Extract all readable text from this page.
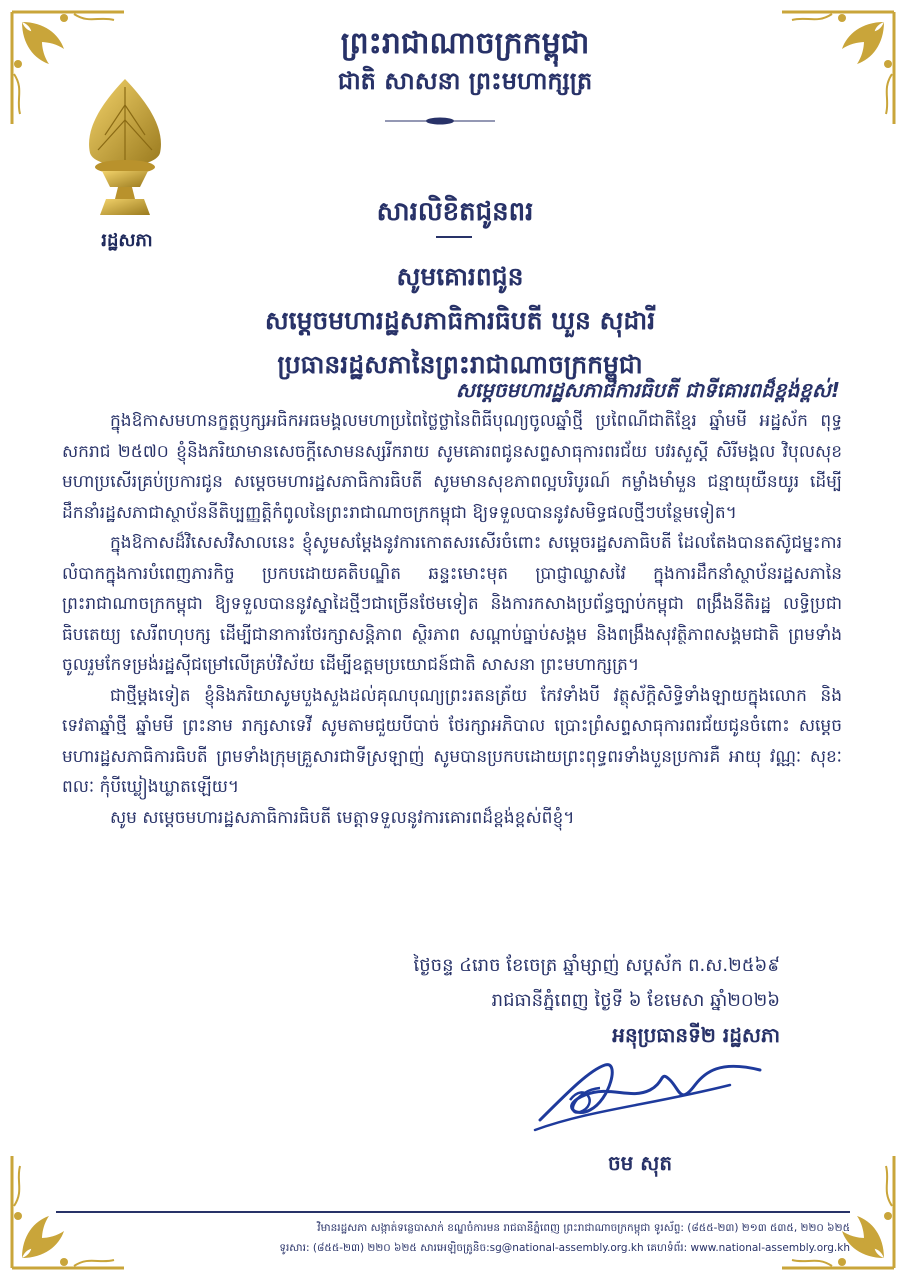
រដ្ឋសភា
ព្រះរាជាណាចក្រកម្ពុជា
ជាតិ សាសនា ព្រះមហាក្សត្រ
សារលិខិតជូនពរ
សូមគោរពជូន
សម្តេចមហារដ្ឋសភាធិការធិបតី ឃួន សុដារី
ប្រធានរដ្ឋសភានៃព្រះរាជាណាចក្រកម្ពុជា
សម្តេចមហារដ្ឋសភាធិការធិបតី ជាទីគោរពដ៏ខ្ពង់ខ្ពស់!

ក្នុងឱកាសមហានក្ខត្តឫក្សអធិកអធមង្គលមហាប្រពៃថ្លៃថ្លានៃពិធីបុណ្យចូលឆ្នាំថ្មី ប្រពៃណីជាតិខ្មែរ ឆ្នាំមមី អដ្ឋស័ក ពុទ្ធសករាជ ២៥៧០ ខ្ញុំនិងភរិយាមានសេចក្តីសោមនស្សរីករាយ សូមគោរពជូនសព្ទសាធុការពរជ័យ បវរសួស្តី សិរីមង្គល វិបុលសុខ មហាប្រសើរគ្រប់ប្រការជូន សម្តេចមហារដ្ឋសភាធិការធិបតី សូមមានសុខភាពល្អបរិបូរណ៍ កម្លាំងមាំមួន ជន្មាយុយឺនយូរ ដើម្បីដឹកនាំរដ្ឋសភាជាស្ថាប័ននីតិប្បញ្ញត្តិកំពូលនៃព្រះរាជាណាចក្រកម្ពុជា ឱ្យទទួលបាននូវសមិទ្ធផលថ្មីៗបន្ថែមទៀត។

ក្នុងឱកាសដ៏វិសេសវិសាលនេះ ខ្ញុំសូមសម្តែងនូវការកោតសរសើរចំពោះ សម្តេចរដ្ឋសភាធិបតី ដែលតែងបានតស៊ូជម្នះការលំបាកក្នុងការបំពេញភារកិច្ច ប្រកបដោយគតិបណ្ឌិត ឆន្ទះមោះមុត ប្រាជ្ញាឈ្លាសវៃ ក្នុងការដឹកនាំស្ថាប័នរដ្ឋសភានៃព្រះរាជាណាចក្រកម្ពុជា ឱ្យទទួលបាននូវស្នាដៃថ្មីៗជាច្រើនថែមទៀត និងការកសាងប្រព័ន្ធច្បាប់កម្ពុជា ពង្រឹងនីតិរដ្ឋ លទ្ធិប្រជាធិបតេយ្យ សេរីពហុបក្ស ដើម្បីជានាការថែរក្សាសន្តិភាព ស្ថិរភាព សណ្តាប់ធ្នាប់សង្គម និងពង្រឹងសុវត្ថិភាពសង្គមជាតិ ព្រមទាំងចូលរួមកែទម្រង់រដ្ឋស៊ីជម្រៅលើគ្រប់វិស័យ ដើម្បីឧត្តមប្រយោជន៍ជាតិ សាសនា ព្រះមហាក្សត្រ។

ជាថ្មីម្តងទៀត ខ្ញុំនិងភរិយាសូមបួងសួងដល់គុណបុណ្យព្រះរតនត្រ័យ កែវទាំងបី វត្ថុស័ក្តិសិទ្ធិទាំងឡាយក្នុងលោក និងទេវតាឆ្នាំថ្មី ឆ្នាំមមី ព្រះនាម រាក្សសាទេវី សូមតាមជួយបីបាច់ ថែរក្សាអភិបាល ប្រោះព្រំសព្ទសាធុការពរជ័យជូនចំពោះ សម្តេចមហារដ្ឋសភាធិការធិបតី ព្រមទាំងក្រុមគ្រួសារជាទីស្រឡាញ់ សូមបានប្រកបដោយព្រះពុទ្ធពរទាំងបួនប្រការគឺ អាយុ វណ្ណៈ សុខៈ ពលៈ កុំបីឃ្លៀងឃ្លាតឡើយ។

សូម សម្តេចមហារដ្ឋសភាធិការធិបតី មេត្តាទទួលនូវការគោរពដ៏ខ្ពង់ខ្ពស់ពីខ្ញុំ។

ថ្ងៃចន្ទ ៤រោច ខែចេត្រ ឆ្នាំម្សាញ់ សប្តស័ក ព.ស.២៥៦៩
រាជធានីភ្នំពេញ ថ្ងៃទី ៦ ខែមេសា ឆ្នាំ២០២៦
អនុប្រធានទី២ រដ្ឋសភា
ចម សុត
វិមានរដ្ឋសភា សង្កាត់ទន្លេបាសាក់ ខណ្ឌចំការមន រាជធានីភ្នំពេញ ព្រះរាជាណាចក្រកម្ពុជា ទូរស័ព្ទ: (៨៥៥-២៣) ២១៣ ៥៣៥, ២២០ ៦២៥
ទូរសារ: (៨៥៥-២៣) ២២០ ៦២៥ សារអេឡិចត្រូនិច:sg@national-assembly.org.kh គេហទំព័រ: www.national-assembly.org.kh
